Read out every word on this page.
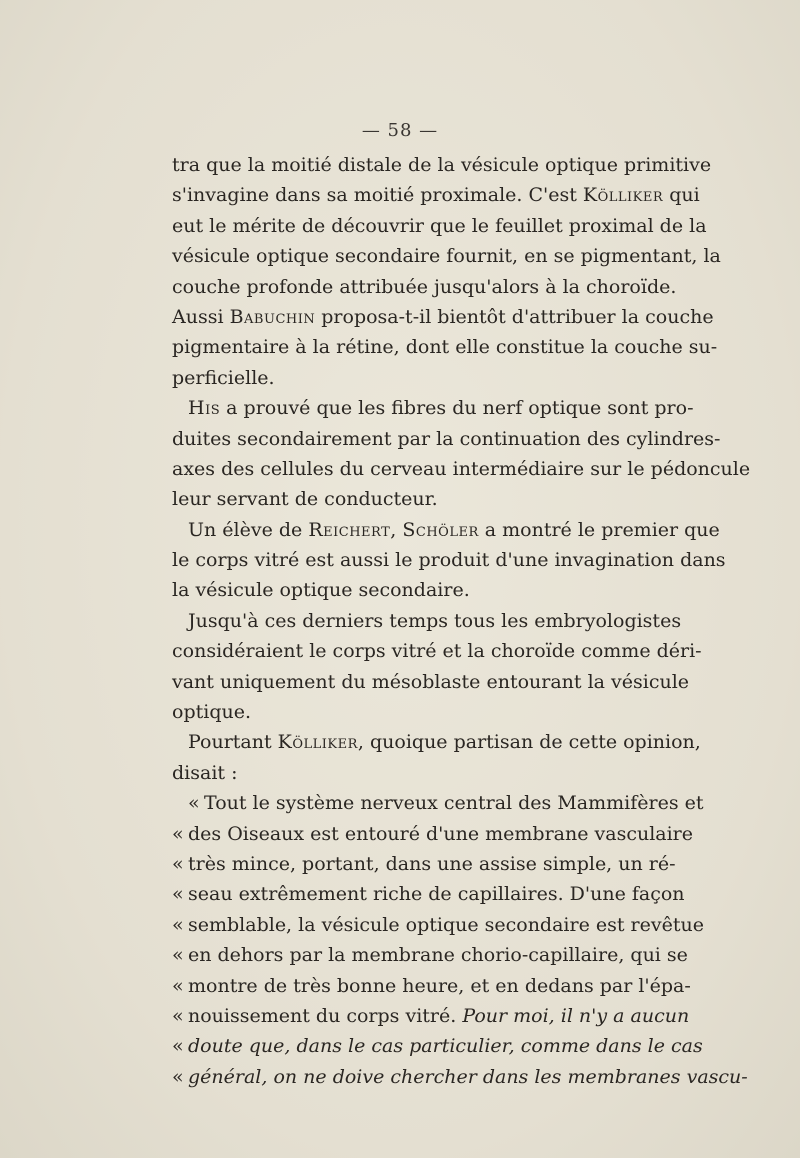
— 58 —
tra que la moitié distale de la vésicule optique primitive
s'invagine dans sa moitié proximale. C'est Kölliker qui
eut le mérite de découvrir que le feuillet proximal de la
vésicule optique secondaire fournit, en se pigmentant, la
couche profonde attribuée jusqu'alors à la choroïde.
Aussi Babuchin proposa-t-il bientôt d'attribuer la couche
pigmentaire à la rétine, dont elle constitue la couche su-
perficielle.
His a prouvé que les fibres du nerf optique sont pro-
duites secondairement par la continuation des cylindres-
axes des cellules du cerveau intermédiaire sur le pédoncule
leur servant de conducteur.
Un élève de Reichert, Schöler a montré le premier que
le corps vitré est aussi le produit d'une invagination dans
la vésicule optique secondaire.
Jusqu'à ces derniers temps tous les embryologistes
considéraient le corps vitré et la choroïde comme déri-
vant uniquement du mésoblaste entourant la vésicule
optique.
Pourtant Kölliker, quoique partisan de cette opinion,
disait :
« Tout le système nerveux central des Mammifères et
« des Oiseaux est entouré d'une membrane vasculaire
« très mince, portant, dans une assise simple, un ré-
« seau extrêmement riche de capillaires. D'une façon
« semblable, la vésicule optique secondaire est revêtue
« en dehors par la membrane chorio-capillaire, qui se
« montre de très bonne heure, et en dedans par l'épa-
« nouissement du corps vitré. Pour moi, il n'y a aucun
« doute que, dans le cas particulier, comme dans le cas
« général, on ne doive chercher dans les membranes vascu-
